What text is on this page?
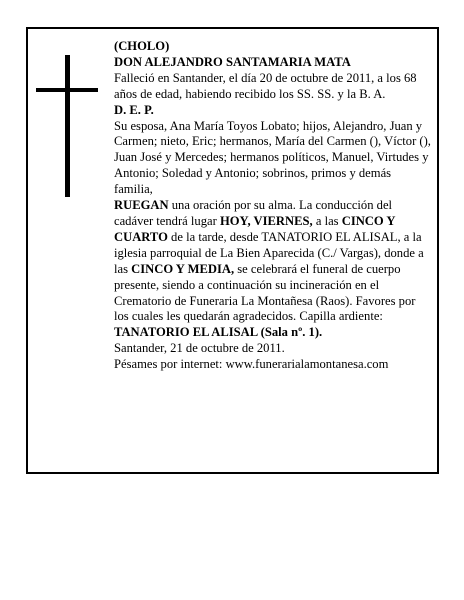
(CHOLO)

DON ALEJANDRO SANTAMARIA MATA

Falleció en Santander, el día 20 de octubre de 2011, a los 68 años de edad, habiendo recibido los SS. SS. y la B. A.

D. E. P.

Su esposa, Ana María Toyos Lobato; hijos, Alejandro, Juan y Carmen; nieto, Eric; hermanos, María del Carmen (), Víctor (), Juan José y Mercedes; hermanos políticos, Manuel, Virtudes y Antonio; Soledad y Antonio; sobrinos, primos y demás familia,

RUEGAN una oración por su alma. La conducción del cadáver tendrá lugar HOY, VIERNES, a las CINCO Y CUARTO de la tarde, desde TANATORIO EL ALISAL, a la iglesia parroquial de La Bien Aparecida (C./ Vargas), donde a las CINCO Y MEDIA, se celebrará el funeral de cuerpo presente, siendo a continuación su incineración en el Crematorio de Funeraria La Montañesa (Raos). Favores por los cuales les quedarán agradecidos. Capilla ardiente:

TANATORIO EL ALISAL (Sala nº. 1).

Santander, 21 de octubre de 2011.

Pésames por internet: www.funerarialamontanesa.com
